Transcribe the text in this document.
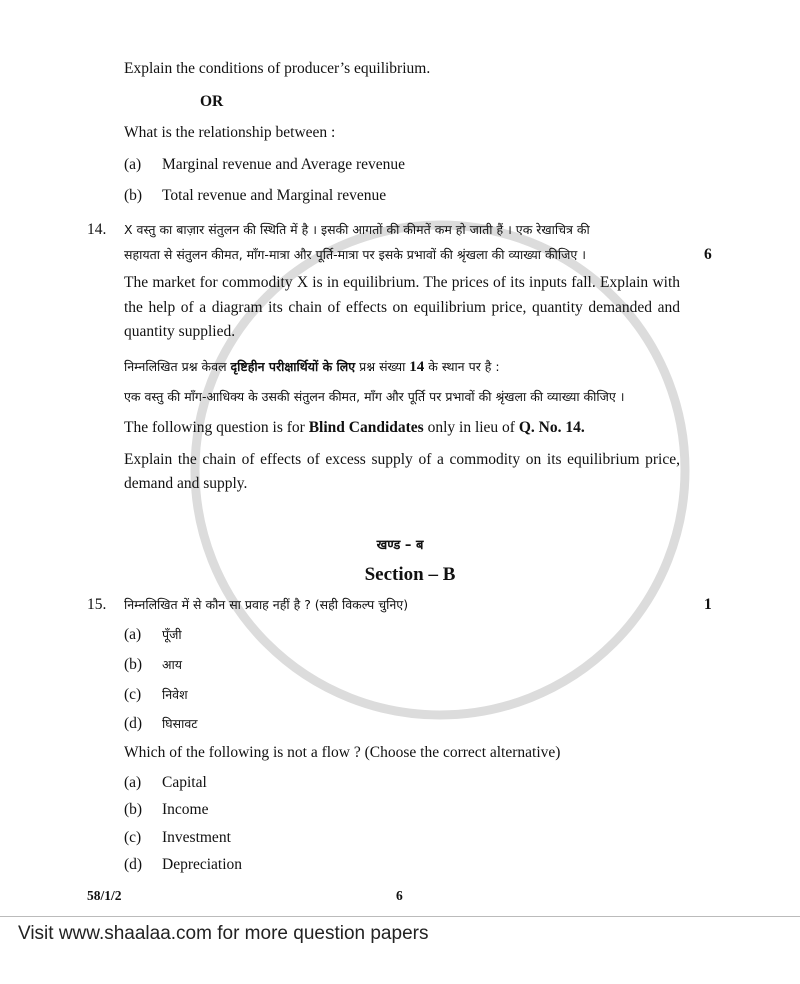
Explain the conditions of producer’s equilibrium.
OR
What is the relationship between :
(a)	Marginal revenue and Average revenue
(b)	Total revenue and Marginal revenue
14. X वस्तु का बाज़ार संतुलन की स्थिति में है । इसकी आगतों की कीमतें कम हो जाती हैं । एक रेखाचित्र की
सहायता से संतुलन कीमत, माँग-मात्रा और पूर्ति-मात्रा पर इसके प्रभावों की श्रृंखला की व्याख्या कीजिए ।	6
The market for commodity X is in equilibrium. The prices of its inputs fall. Explain with the help of a diagram its chain of effects on equilibrium price, quantity demanded and quantity supplied.
निम्नलिखित प्रश्न केवल दृष्टिहीन परीक्षार्थियों के लिए प्रश्न संख्या 14 के स्थान पर है :
एक वस्तु की माँग-आधिक्य के उसकी संतुलन कीमत, माँग और पूर्ति पर प्रभावों की श्रृंखला की व्याख्या कीजिए ।
The following question is for Blind Candidates only in lieu of Q. No. 14.
Explain the chain of effects of excess supply of a commodity on its equilibrium price, demand and supply.
खण्ड – ब
Section – B
15. निम्नलिखित में से कौन सा प्रवाह नहीं है ? (सही विकल्प चुनिए)	1
(a)	पूँजी
(b)	आय
(c)	निवेश
(d)	घिसावट
Which of the following is not a flow ? (Choose the correct alternative)
(a)	Capital
(b)	Income
(c)	Investment
(d)	Depreciation
58/1/2	6
Visit www.shaalaa.com for more question papers
